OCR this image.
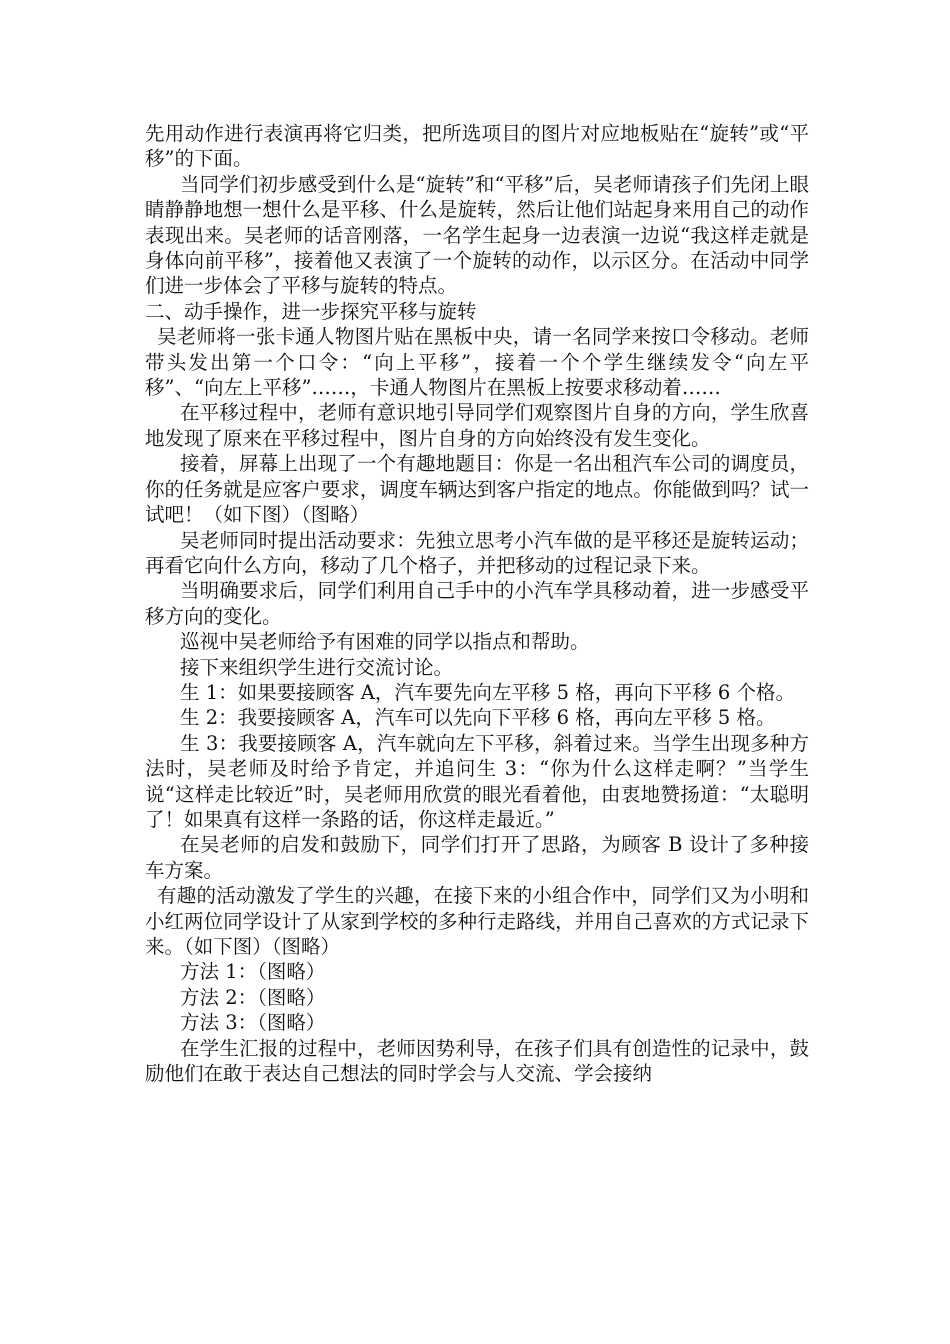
先用动作进行表演再将它归类，把所选项目的图片对应地板贴在“旋转”或“平移”的下面。

当同学们初步感受到什么是“旋转”和“平移”后，吴老师请孩子们先闭上眼睛静静地想一想什么是平移、什么是旋转，然后让他们站起身来用自己的动作表现出来。吴老师的话音刚落，一名学生起身一边表演一边说“我这样走就是身体向前平移”，接着他又表演了一个旋转的动作，以示区分。在活动中同学们进一步体会了平移与旋转的特点。

二、动手操作，进一步探究平移与旋转

吴老师将一张卡通人物图片贴在黑板中央，请一名同学来按口令移动。老师带头发出第一个口令：“向上平移”，接着一个个学生继续发令“向左平移”、“向左上平移”……，卡通人物图片在黑板上按要求移动着……

在平移过程中，老师有意识地引导同学们观察图片自身的方向，学生欣喜地发现了原来在平移过程中，图片自身的方向始终没有发生变化。

接着，屏幕上出现了一个有趣地题目：你是一名出租汽车公司的调度员，你的任务就是应客户要求，调度车辆达到客户指定的地点。你能做到吗？试一试吧！（如下图）（图略）

吴老师同时提出活动要求：先独立思考小汽车做的是平移还是旋转运动；再看它向什么方向，移动了几个格子，并把移动的过程记录下来。

当明确要求后，同学们利用自己手中的小汽车学具移动着，进一步感受平移方向的变化。

巡视中吴老师给予有困难的同学以指点和帮助。

接下来组织学生进行交流讨论。

生 1：如果要接顾客 A，汽车要先向左平移 5 格，再向下平移 6 个格。

生 2：我要接顾客 A，汽车可以先向下平移 6 格，再向左平移 5 格。

生 3：我要接顾客 A，汽车就向左下平移，斜着过来。当学生出现多种方法时，吴老师及时给予肯定，并追问生 3：“你为什么这样走啊？”当学生说“这样走比较近”时，吴老师用欣赏的眼光看着他，由衷地赞扬道：“太聪明了！如果真有这样一条路的话，你这样走最近。”

在吴老师的启发和鼓励下，同学们打开了思路，为顾客 B 设计了多种接车方案。

有趣的活动激发了学生的兴趣，在接下来的小组合作中，同学们又为小明和小红两位同学设计了从家到学校的多种行走路线，并用自己喜欢的方式记录下来。（如下图）（图略）

方法 1：（图略）

方法 2：（图略）

方法 3：（图略）

在学生汇报的过程中，老师因势利导，在孩子们具有创造性的记录中，鼓励他们在敢于表达自己想法的同时学会与人交流、学会接纳
